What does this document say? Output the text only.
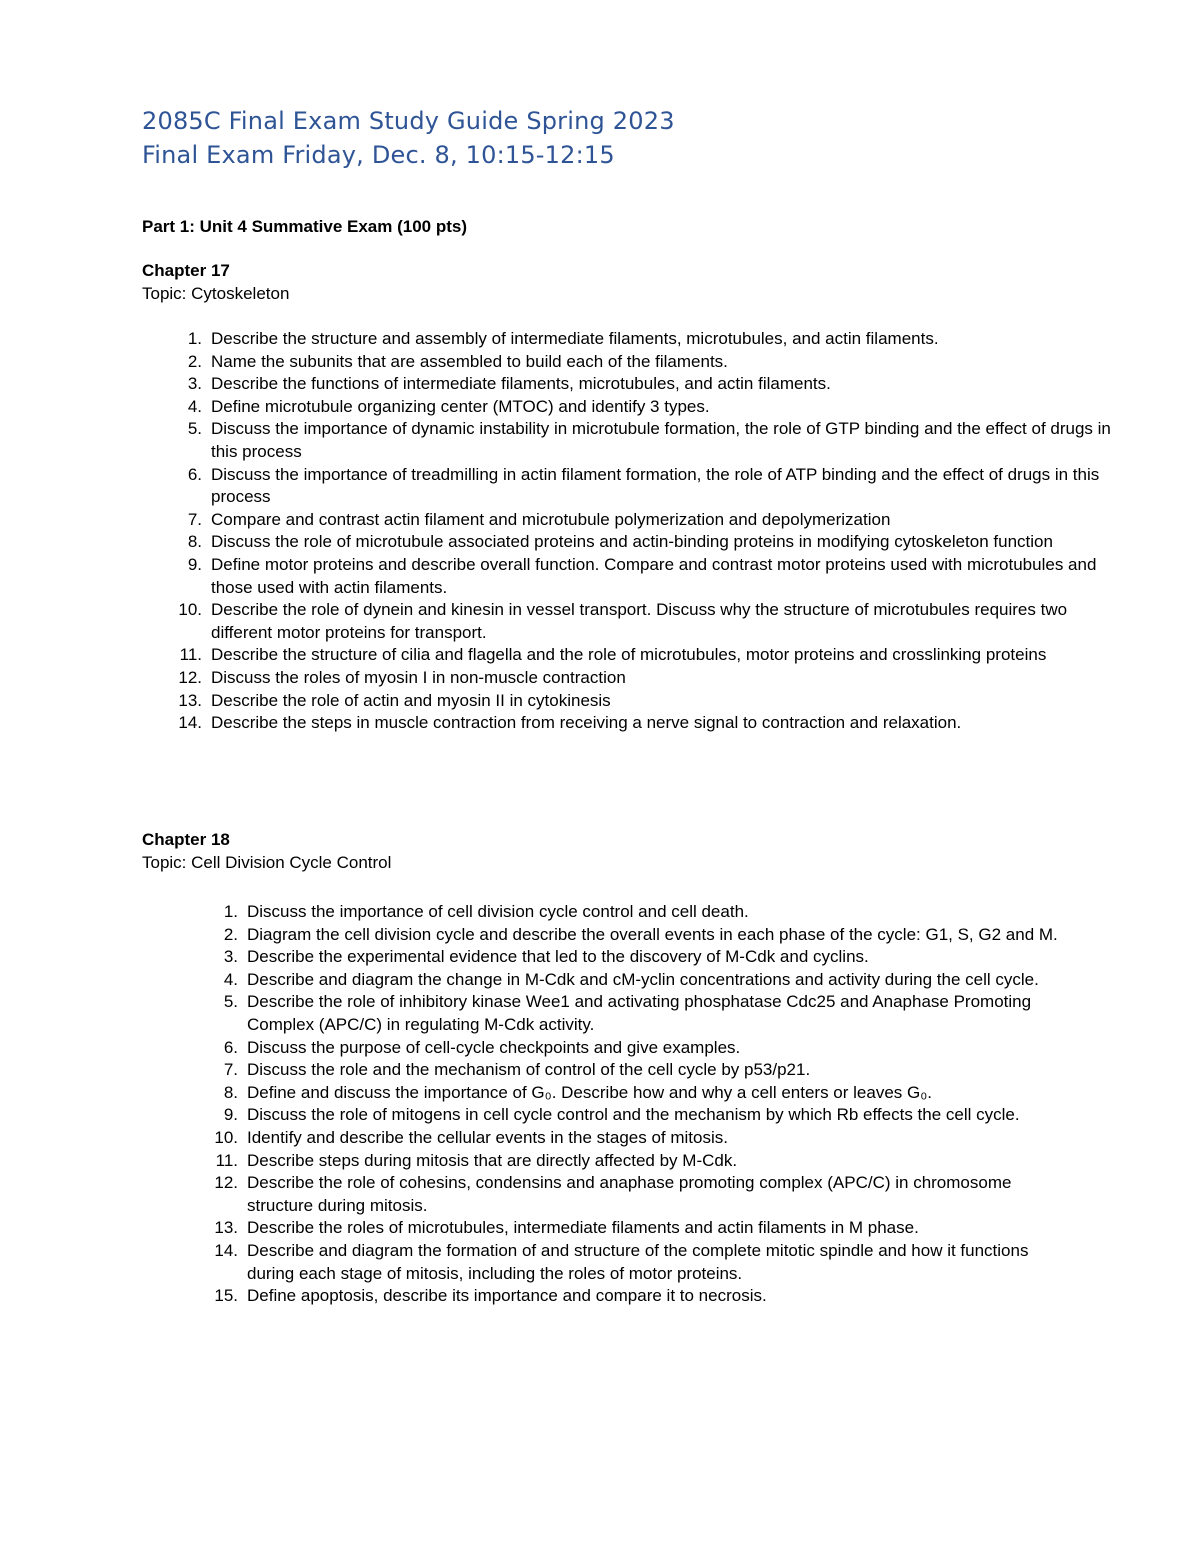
2085C Final Exam Study Guide Spring 2023
Final Exam Friday, Dec. 8, 10:15-12:15
Part 1: Unit 4 Summative Exam (100 pts)
Chapter 17
Topic: Cytoskeleton
1. Describe the structure and assembly of intermediate filaments, microtubules, and actin filaments.
2. Name the subunits that are assembled to build each of the filaments.
3. Describe the functions of intermediate filaments, microtubules, and actin filaments.
4. Define microtubule organizing center (MTOC) and identify 3 types.
5. Discuss the importance of dynamic instability in microtubule formation, the role of GTP binding and the effect of drugs in this process
6. Discuss the importance of treadmilling in actin filament formation, the role of ATP binding and the effect of drugs in this process
7. Compare and contrast actin filament and microtubule polymerization and depolymerization
8. Discuss the role of microtubule associated proteins and actin-binding proteins in modifying cytoskeleton function
9. Define motor proteins and describe overall function. Compare and contrast motor proteins used with microtubules and those used with actin filaments.
10. Describe the role of dynein and kinesin in vessel transport. Discuss why the structure of microtubules requires two different motor proteins for transport.
11. Describe the structure of cilia and flagella and the role of microtubules, motor proteins and crosslinking proteins
12. Discuss the roles of myosin I in non-muscle contraction
13. Describe the role of actin and myosin II in cytokinesis
14. Describe the steps in muscle contraction from receiving a nerve signal to contraction and relaxation.
Chapter 18
Topic: Cell Division Cycle Control
1. Discuss the importance of cell division cycle control and cell death.
2. Diagram the cell division cycle and describe the overall events in each phase of the cycle: G1, S, G2 and M.
3. Describe the experimental evidence that led to the discovery of M-Cdk and cyclins.
4. Describe and diagram the change in M-Cdk and cM-yclin concentrations and activity during the cell cycle.
5. Describe the role of inhibitory kinase Wee1 and activating phosphatase Cdc25 and Anaphase Promoting Complex (APC/C) in regulating M-Cdk activity.
6. Discuss the purpose of cell-cycle checkpoints and give examples.
7. Discuss the role and the mechanism of control of the cell cycle by p53/p21.
8. Define and discuss the importance of G₀. Describe how and why a cell enters or leaves G₀.
9. Discuss the role of mitogens in cell cycle control and the mechanism by which Rb effects the cell cycle.
10. Identify and describe the cellular events in the stages of mitosis.
11. Describe steps during mitosis that are directly affected by M-Cdk.
12. Describe the role of cohesins, condensins and anaphase promoting complex (APC/C) in chromosome structure during mitosis.
13. Describe the roles of microtubules, intermediate filaments and actin filaments in M phase.
14. Describe and diagram the formation of and structure of the complete mitotic spindle and how it functions during each stage of mitosis, including the roles of motor proteins.
15. Define apoptosis, describe its importance and compare it to necrosis.
